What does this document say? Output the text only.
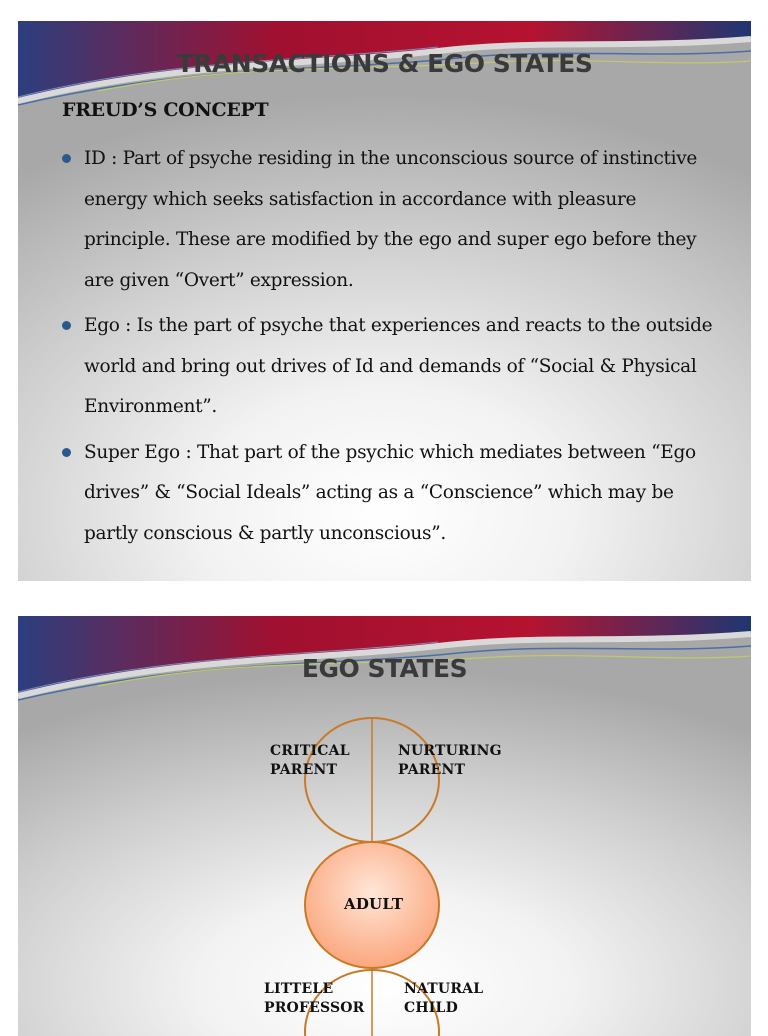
TRANSACTIONS & EGO STATES
FREUD’S CONCEPT
ID : Part of psyche residing in the unconscious source of instinctive energy which seeks satisfaction in accordance with pleasure principle. These are modified by the ego and super ego before they are given “Overt” expression.
Ego : Is the part of psyche that experiences and reacts to the outside world and bring out drives of Id and demands of “Social & Physical Environment”.
Super Ego : That part of the psychic which mediates between “Ego drives” & “Social Ideals” acting as a “Conscience” which may be partly conscious & partly unconscious”.
EGO STATES
CRITICAL
PARENT
NURTURING
PARENT
ADULT
LITTELE
PROFESSOR
NATURAL
CHILD
